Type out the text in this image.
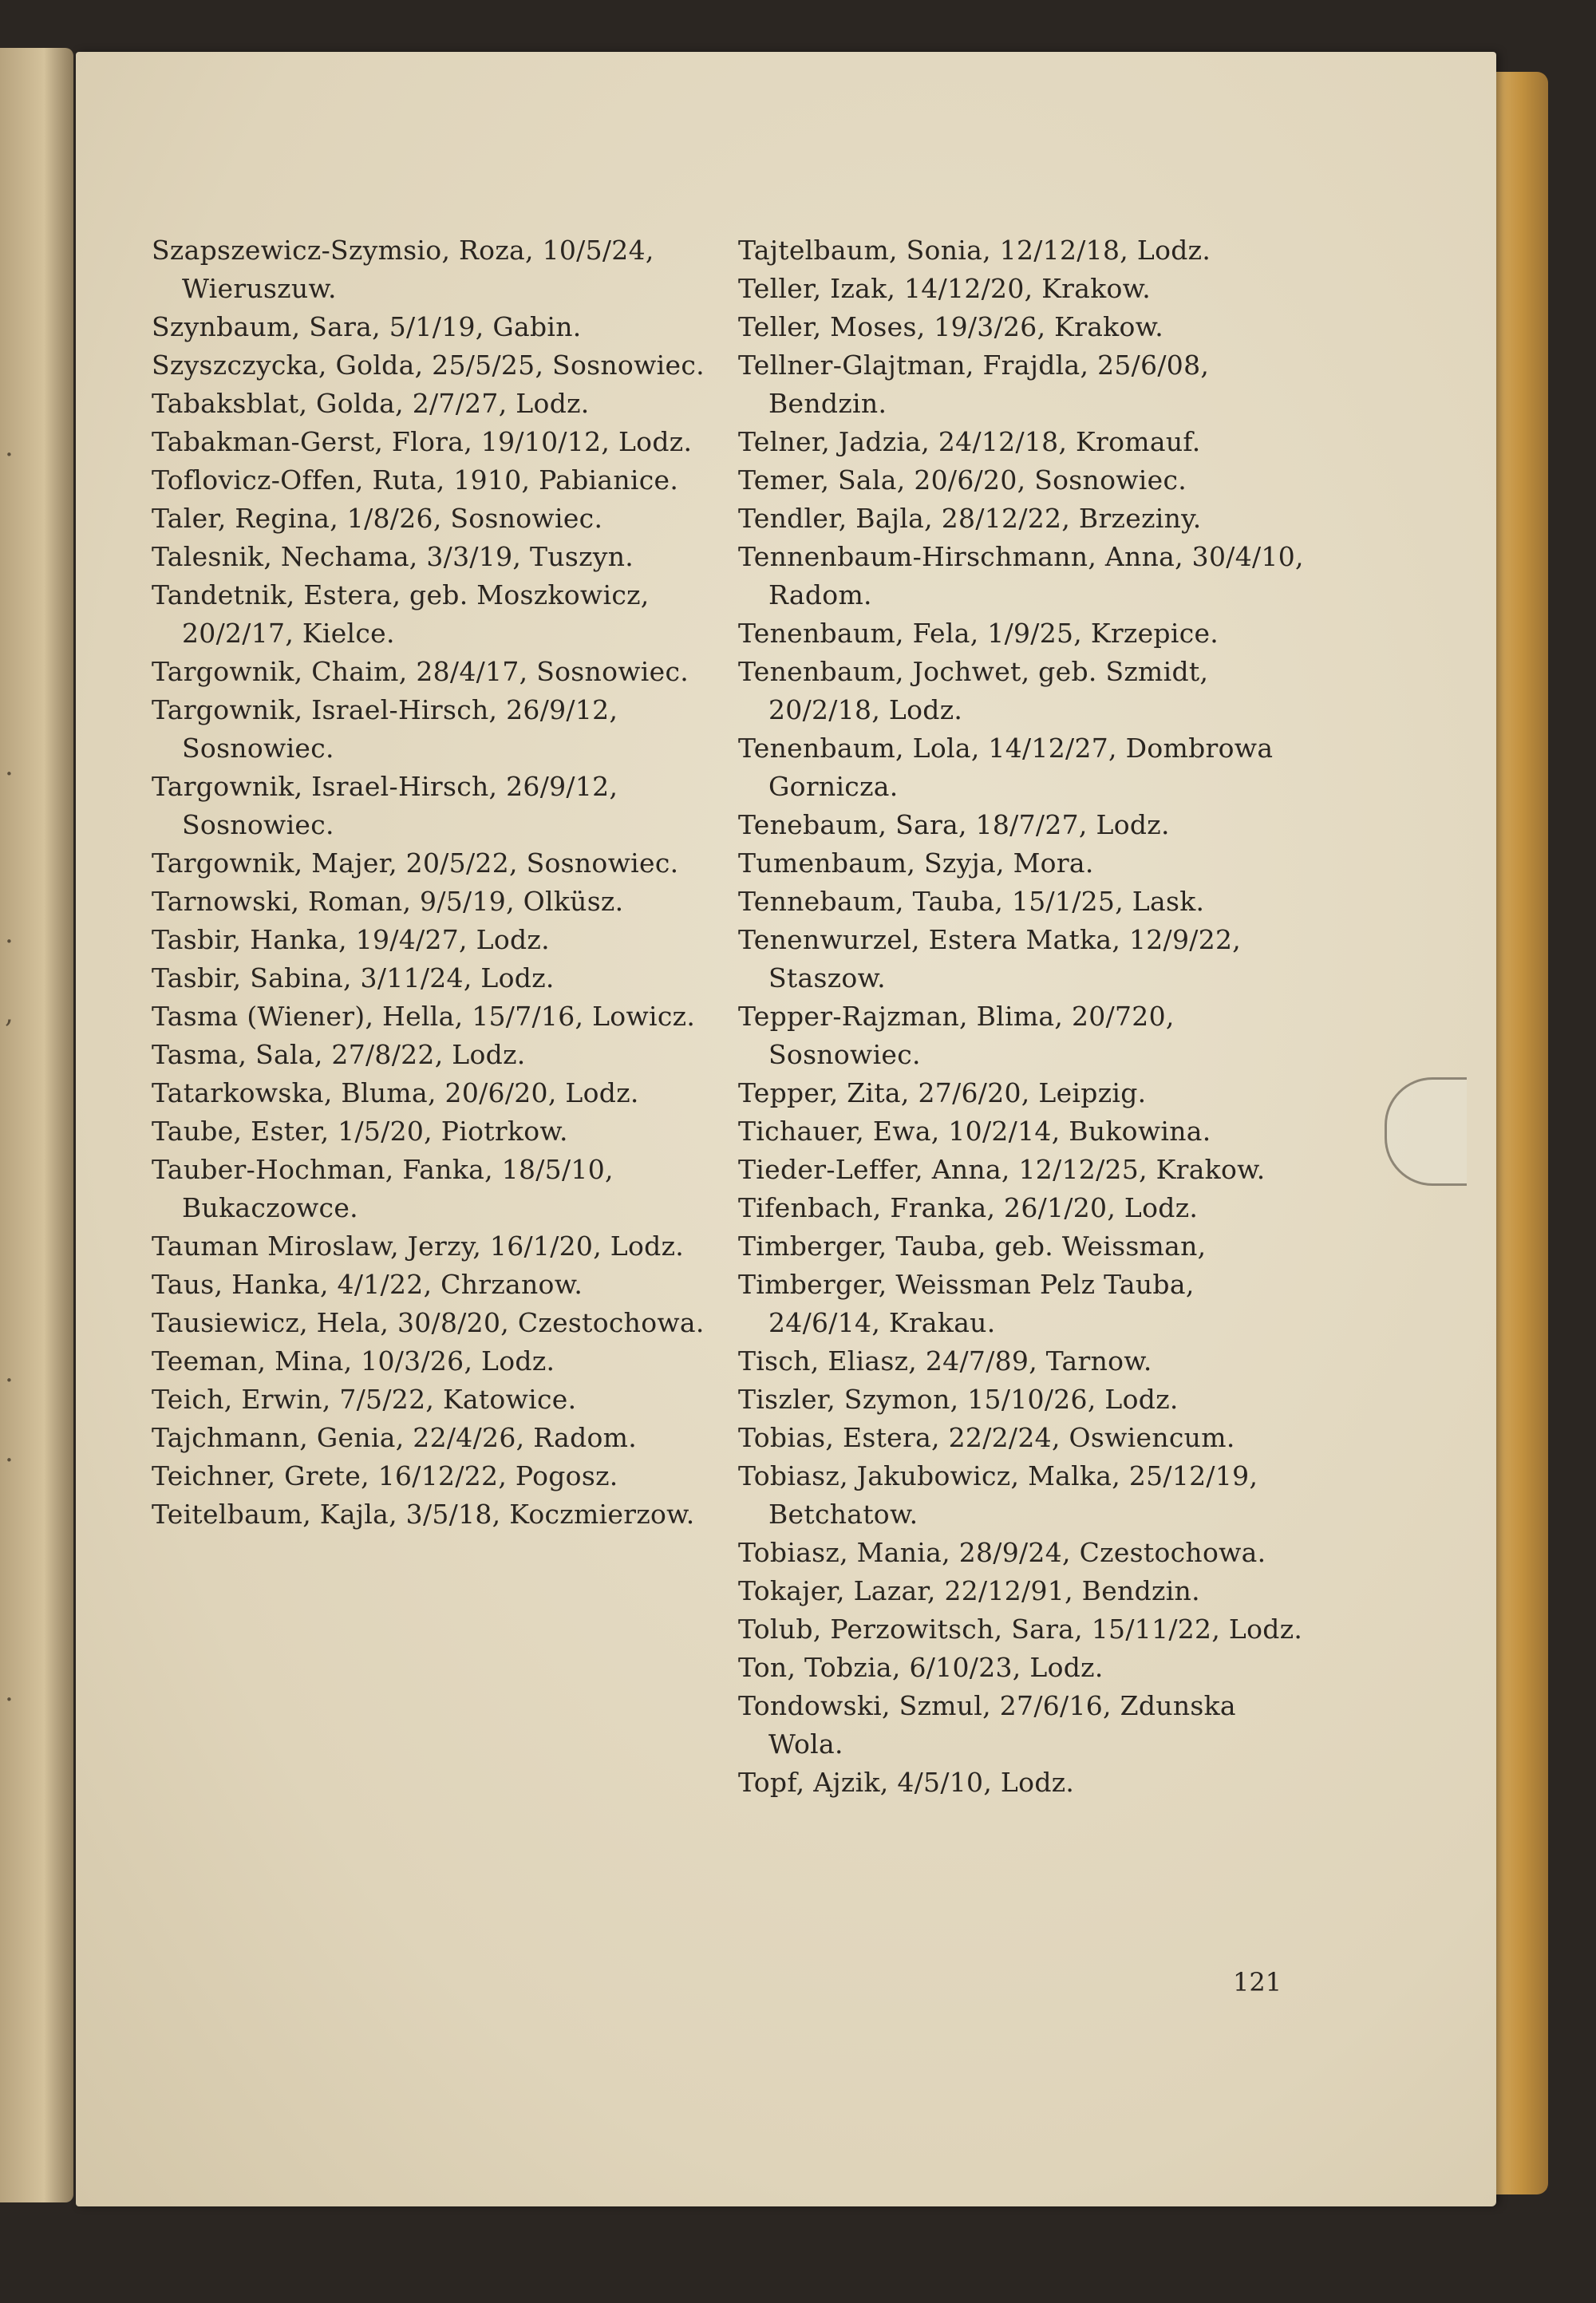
.
.
.
,
.
.
.

Szapszewicz-Szymsio, Roza, 10/5/24, Wieruszuw.

Szynbaum, Sara, 5/1/19, Gabin.

Szyszczycka, Golda, 25/5/25, Sosnowiec.

Tabaksblat, Golda, 2/7/27, Lodz.

Tabakman-Gerst, Flora, 19/10/12, Lodz.

Toflovicz-Offen, Ruta, 1910, Pabianice.

Taler, Regina, 1/8/26, Sosnowiec.

Talesnik, Nechama, 3/3/19, Tuszyn.

Tandetnik, Estera, geb. Moszkowicz, 20/2/17, Kielce.

Targownik, Chaim, 28/4/17, Sosnowiec.

Targownik, Israel-Hirsch, 26/9/12, Sosnowiec.

Targownik, Israel-Hirsch, 26/9/12, Sosnowiec.

Targownik, Majer, 20/5/22, Sosnowiec.

Tarnowski, Roman, 9/5/19, Olküsz.

Tasbir, Hanka, 19/4/27, Lodz.

Tasbir, Sabina, 3/11/24, Lodz.

Tasma (Wiener), Hella, 15/7/16, Lowicz.

Tasma, Sala, 27/8/22, Lodz.

Tatarkowska, Bluma, 20/6/20, Lodz.

Taube, Ester, 1/5/20, Piotrkow.

Tauber-Hochman, Fanka, 18/5/10, Bukaczowce.

Tauman Miroslaw, Jerzy, 16/1/20, Lodz.

Taus, Hanka, 4/1/22, Chrzanow.

Tausiewicz, Hela, 30/8/20, Czestochowa.

Teeman, Mina, 10/3/26, Lodz.

Teich, Erwin, 7/5/22, Katowice.

Tajchmann, Genia, 22/4/26, Radom.

Teichner, Grete, 16/12/22, Pogosz.

Teitelbaum, Kajla, 3/5/18, Koczmierzow.

Tajtelbaum, Sonia, 12/12/18, Lodz.

Teller, Izak, 14/12/20, Krakow.

Teller, Moses, 19/3/26, Krakow.

Tellner-Glajtman, Frajdla, 25/6/08, Bendzin.

Telner, Jadzia, 24/12/18, Kromauf.

Temer, Sala, 20/6/20, Sosnowiec.

Tendler, Bajla, 28/12/22, Brzeziny.

Tennenbaum-Hirschmann, Anna, 30/4/10, Radom.

Tenenbaum, Fela, 1/9/25, Krzepice.

Tenenbaum, Jochwet, geb. Szmidt, 20/2/18, Lodz.

Tenenbaum, Lola, 14/12/27, Dombrowa Gornicza.

Tenebaum, Sara, 18/7/27, Lodz.

Tumenbaum, Szyja, Mora.

Tennebaum, Tauba, 15/1/25, Lask.

Tenenwurzel, Estera Matka, 12/9/22, Staszow.

Tepper-Rajzman, Blima, 20/720, Sosnowiec.

Tepper, Zita, 27/6/20, Leipzig.

Tichauer, Ewa, 10/2/14, Bukowina.

Tieder-Leffer, Anna, 12/12/25, Krakow.

Tifenbach, Franka, 26/1/20, Lodz.

Timberger, Tauba, geb. Weissman,

Timberger, Weissman Pelz Tauba, 24/6/14, Krakau.

Tisch, Eliasz, 24/7/89, Tarnow.

Tiszler, Szymon, 15/10/26, Lodz.

Tobias, Estera, 22/2/24, Oswiencum.

Tobiasz, Jakubowicz, Malka, 25/12/19, Betchatow.

Tobiasz, Mania, 28/9/24, Czestochowa.

Tokajer, Lazar, 22/12/91, Bendzin.

Tolub, Perzowitsch, Sara, 15/11/22, Lodz.

Ton, Tobzia, 6/10/23, Lodz.

Tondowski, Szmul, 27/6/16, Zdunska Wola.

Topf, Ajzik, 4/5/10, Lodz.

121
